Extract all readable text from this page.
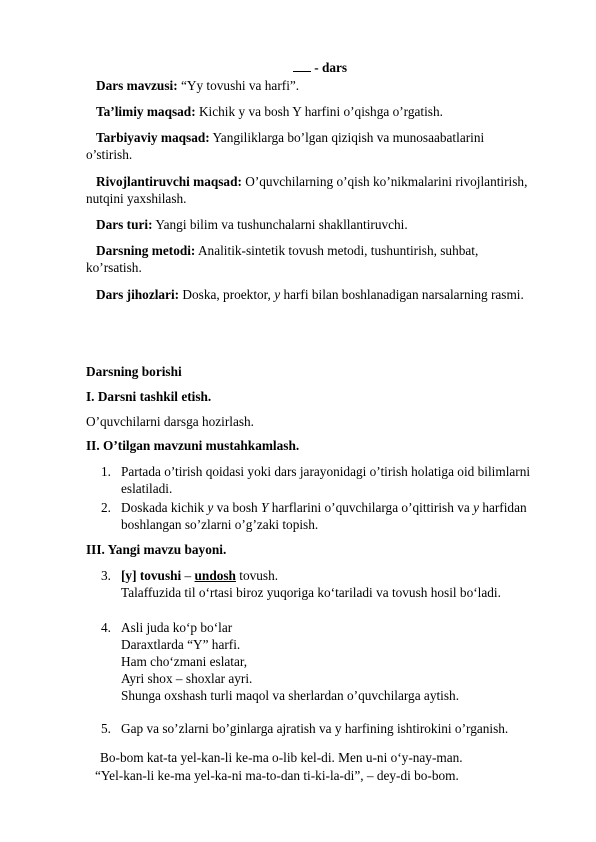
- dars
Dars mavzusi: “Yy tovushi va harfi”.
Ta’limiy maqsad: Kichik y va bosh Y harfini o’qishga o’rgatish.
Tarbiyaviy maqsad: Yangiliklarga bo’lgan qiziqish va munosaabatlarini
o’stirish.
Rivojlantiruvchi maqsad: O’quvchilarning o’qish ko’nikmalarini rivojlantirish,
nutqini yaxshilash.
Dars turi: Yangi bilim va tushunchalarni shakllantiruvchi.
Darsning metodi: Analitik-sintetik tovush metodi, tushuntirish, suhbat,
ko’rsatish.
Dars jihozlari: Doska, proektor, y harfi bilan boshlanadigan narsalarning rasmi.
Darsning borishi
I. Darsni tashkil etish.
O’quvchilarni darsga hozirlash.
II. O’tilgan mavzuni mustahkamlash.
1. Partada o’tirish qoidasi yoki dars jarayonidagi o’tirish holatiga oid bilimlarni
eslatiladi.
2. Doskada kichik y va bosh Y harflarini o’quvchilarga o’qittirish va y harfidan
boshlangan so’zlarni o’g’zaki topish.
III. Yangi mavzu bayoni.
3. [y] tovushi – undosh tovush.
Talaffuzida til o‘rtasi biroz yuqoriga ko‘tariladi va tovush hosil bo‘ladi.
4. Asli juda ko‘p bo‘lar
Daraxtlarda “Y” harfi.
Ham cho‘zmani eslatar,
Ayri shox – shoxlar ayri.
Shunga oxshash turli maqol va sherlardan o’quvchilarga aytish.
5. Gap va so’zlarni bo’ginlarga ajratish va y harfining ishtirokini o’rganish.
Bo-bom kat-ta yel-kan-li ke-ma o-lib kel-di. Men u-ni o‘y-nay-man.
“Yel-kan-li ke-ma yel-ka-ni ma-to-dan ti-ki-la-di”, – dey-di bo-bom.
